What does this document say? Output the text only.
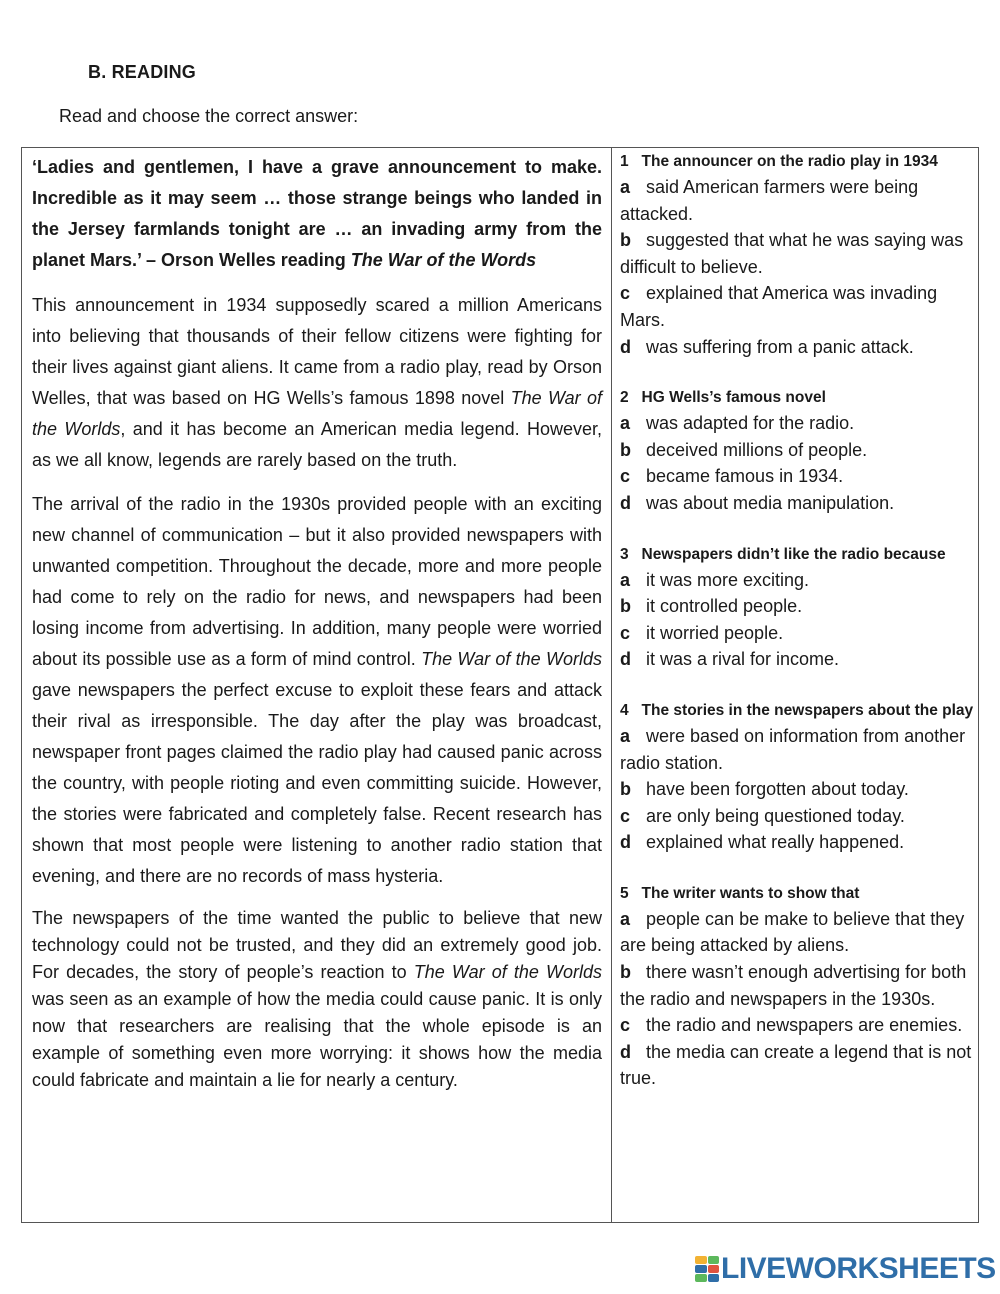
B. READING
Read and choose the correct answer:

‘Ladies and gentlemen, I have a grave announcement to make. Incredible as it may seem … those strange beings who landed in the Jersey farmlands tonight are … an invading army from the planet Mars.’ – Orson Welles reading The War of the Words

This announcement in 1934 supposedly scared a million Americans into believing that thousands of their fellow citizens were fighting for their lives against giant aliens. It came from a radio play, read by Orson Welles, that was based on HG Wells’s famous 1898 novel The War of the Worlds, and it has become an American media legend. However, as we all know, legends are rarely based on the truth.

The arrival of the radio in the 1930s provided people with an exciting new channel of communication – but it also provided newspapers with unwanted competition. Throughout the decade, more and more people had come to rely on the radio for news, and newspapers had been losing income from advertising. In addition, many people were worried about its possible use as a form of mind control. The War of the Worlds gave newspapers the perfect excuse to exploit these fears and attack their rival as irresponsible. The day after the play was broadcast, newspaper front pages claimed the radio play had caused panic across the country, with people rioting and even committing suicide. However, the stories were fabricated and completely false. Recent research has shown that most people were listening to another radio station that evening, and there are no records of mass hysteria.

The newspapers of the time wanted the public to believe that new technology could not be trusted, and they did an extremely good job. For decades, the story of people’s reaction to The War of the Worlds was seen as an example of how the media could cause panic. It is only now that researchers are realising that the whole episode is an example of something even more worrying: it shows how the media could fabricate and maintain a lie for nearly a century.

1 The announcer on the radio play in 1934
a said American farmers were being attacked.
b suggested that what he was saying was difficult to believe.
c explained that America was invading Mars.
d was suffering from a panic attack.
2 HG Wells’s famous novel
a was adapted for the radio.
b deceived millions of people.
c became famous in 1934.
d was about media manipulation.
3 Newspapers didn’t like the radio because
a it was more exciting.
b it controlled people.
c it worried people.
d it was a rival for income.
4 The stories in the newspapers about the play
a were based on information from another radio station.
b have been forgotten about today.
c are only being questioned today.
d explained what really happened.
5 The writer wants to show that
a people can be make to believe that they are being attacked by aliens.
b there wasn’t enough advertising for both the radio and newspapers in the 1930s.
c the radio and newspapers are enemies.
d the media can create a legend that is not true.
LIVEWORKSHEETS
